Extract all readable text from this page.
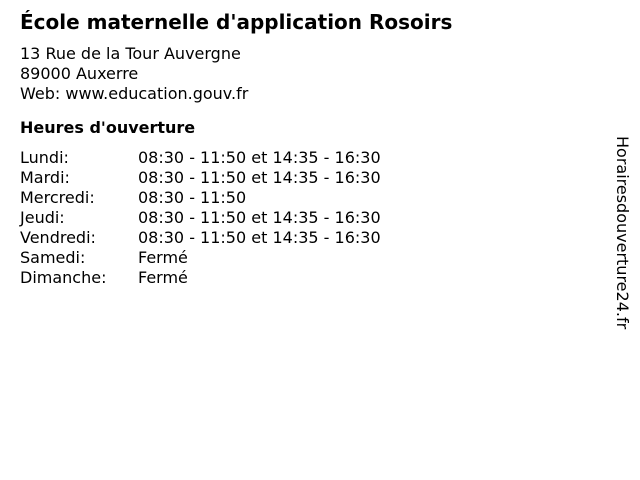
École maternelle d'application Rosoirs
13 Rue de la Tour Auvergne
89000 Auxerre
Web: www.education.gouv.fr
Heures d'ouverture
Lundi:	08:30 - 11:50 et 14:35 - 16:30
Mardi:	08:30 - 11:50 et 14:35 - 16:30
Mercredi:	08:30 - 11:50
Jeudi:	08:30 - 11:50 et 14:35 - 16:30
Vendredi:	08:30 - 11:50 et 14:35 - 16:30
Samedi:	Fermé
Dimanche:	Fermé	Horairesdouverture24.fr
